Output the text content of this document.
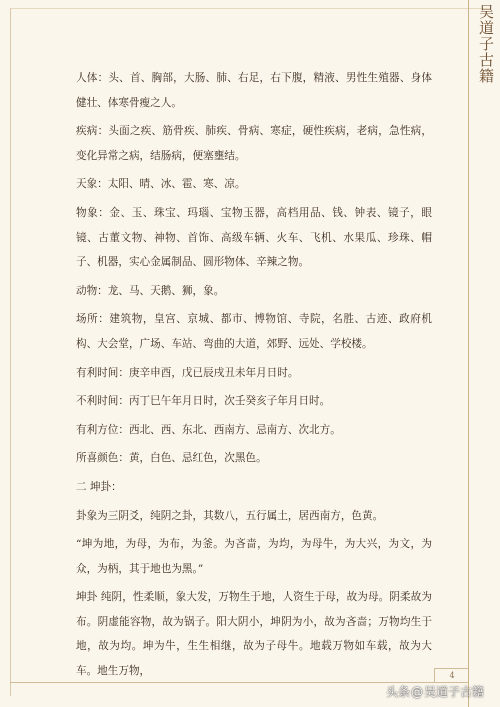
吴道子古籍

人体：头、首、胸部，大肠、肺、右足，右下腹，精液、男性生殖器、身体健壮、体寒骨瘦之人。

疾病：头面之疾、筋骨疾、肺疾、骨病、寒症，硬性疾病，老病，急性病，变化异常之病，结肠病，便塞壅结。

天象：太阳、晴、冰、雹、寒、凉。

物象：金、玉、珠宝、玛瑙、宝物玉器，高档用品、钱、钟表、镜子，眼镜、古董文物、神物、首饰、高级车辆、火车、飞机、水果瓜、珍珠、帽子、机器，实心金属制品、圆形物体、辛辣之物。

动物：龙、马、天鹅、狮，象。

场所：建筑物，皇宫、京城、都市、博物馆、寺院，名胜、古迹、政府机构、大会堂，广场、车站、弯曲的大道，郊野、远处、学校楼。

有利时间：庚辛申酉，戊已辰戌丑未年月日时。

不利时间：丙丁巳午年月日时，次壬癸亥子年月日时。

有利方位：西北、西、东北、西南方、忌南方、次北方。

所喜颜色：黄，白色、忌红色，次黑色。

二 坤卦：

卦象为三阴爻，纯阴之卦，其数八，五行属土，居西南方，色黄。

“坤为地，为母，为布，为釜。为吝啬，为均，为母牛，为大兴，为文，为众，为柄，其于地也为黑。”

坤卦 纯阴，性柔顺，象大发，万物生于地，人资生于母，故为母。阴柔故为布。阴虚能容物，故为锅子。阳大阴小，坤阴为小，故为吝啬；万物均生于地，故为均。坤为牛，生生相继，故为子母牛。地载万物如车载，故为大车。地生万物，	4
头条@吴道子古籍
